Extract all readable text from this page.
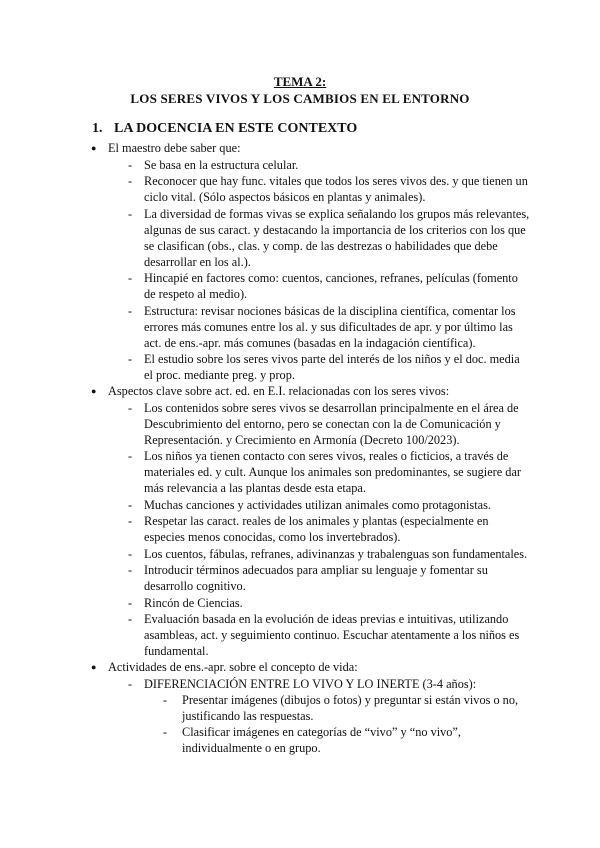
TEMA 2:
LOS SERES VIVOS Y LOS CAMBIOS EN EL ENTORNO
1. LA DOCENCIA EN ESTE CONTEXTO
● El maestro debe saber que:
- Se basa en la estructura celular.
- Reconocer que hay func. vitales que todos los seres vivos des. y que tienen un ciclo vital. (Sólo aspectos básicos en plantas y animales).
- La diversidad de formas vivas se explica señalando los grupos más relevantes, algunas de sus caract. y destacando la importancia de los criterios con los que se clasifican (obs., clas. y comp. de las destrezas o habilidades que debe desarrollar en los al.).
- Hincapié en factores como: cuentos, canciones, refranes, películas (fomento de respeto al medio).
- Estructura: revisar nociones básicas de la disciplina científica, comentar los errores más comunes entre los al. y sus dificultades de apr. y por último las act. de ens.-apr. más comunes (basadas en la indagación científica).
- El estudio sobre los seres vivos parte del interés de los niños y el doc. media el proc. mediante preg. y prop.
● Aspectos clave sobre act. ed. en E.I. relacionadas con los seres vivos:
- Los contenidos sobre seres vivos se desarrollan principalmente en el área de Descubrimiento del entorno, pero se conectan con la de Comunicación y Representación. y Crecimiento en Armonía (Decreto 100/2023).
- Los niños ya tienen contacto con seres vivos, reales o ficticios, a través de materiales ed. y cult. Aunque los animales son predominantes, se sugiere dar más relevancia a las plantas desde esta etapa.
- Muchas canciones y actividades utilizan animales como protagonistas.
- Respetar las caract. reales de los animales y plantas (especialmente en especies menos conocidas, como los invertebrados).
- Los cuentos, fábulas, refranes, adivinanzas y trabalenguas son fundamentales.
- Introducir términos adecuados para ampliar su lenguaje y fomentar su desarrollo cognitivo.
- Rincón de Ciencias.
- Evaluación basada en la evolución de ideas previas e intuitivas, utilizando asambleas, act. y seguimiento continuo. Escuchar atentamente a los niños es fundamental.
● Actividades de ens.-apr. sobre el concepto de vida:
- DIFERENCIACIÓN ENTRE LO VIVO Y LO INERTE (3-4 años):
- Presentar imágenes (dibujos o fotos) y preguntar si están vivos o no, justificando las respuestas.
- Clasificar imágenes en categorías de “vivo” y “no vivo”, individualmente o en grupo.
